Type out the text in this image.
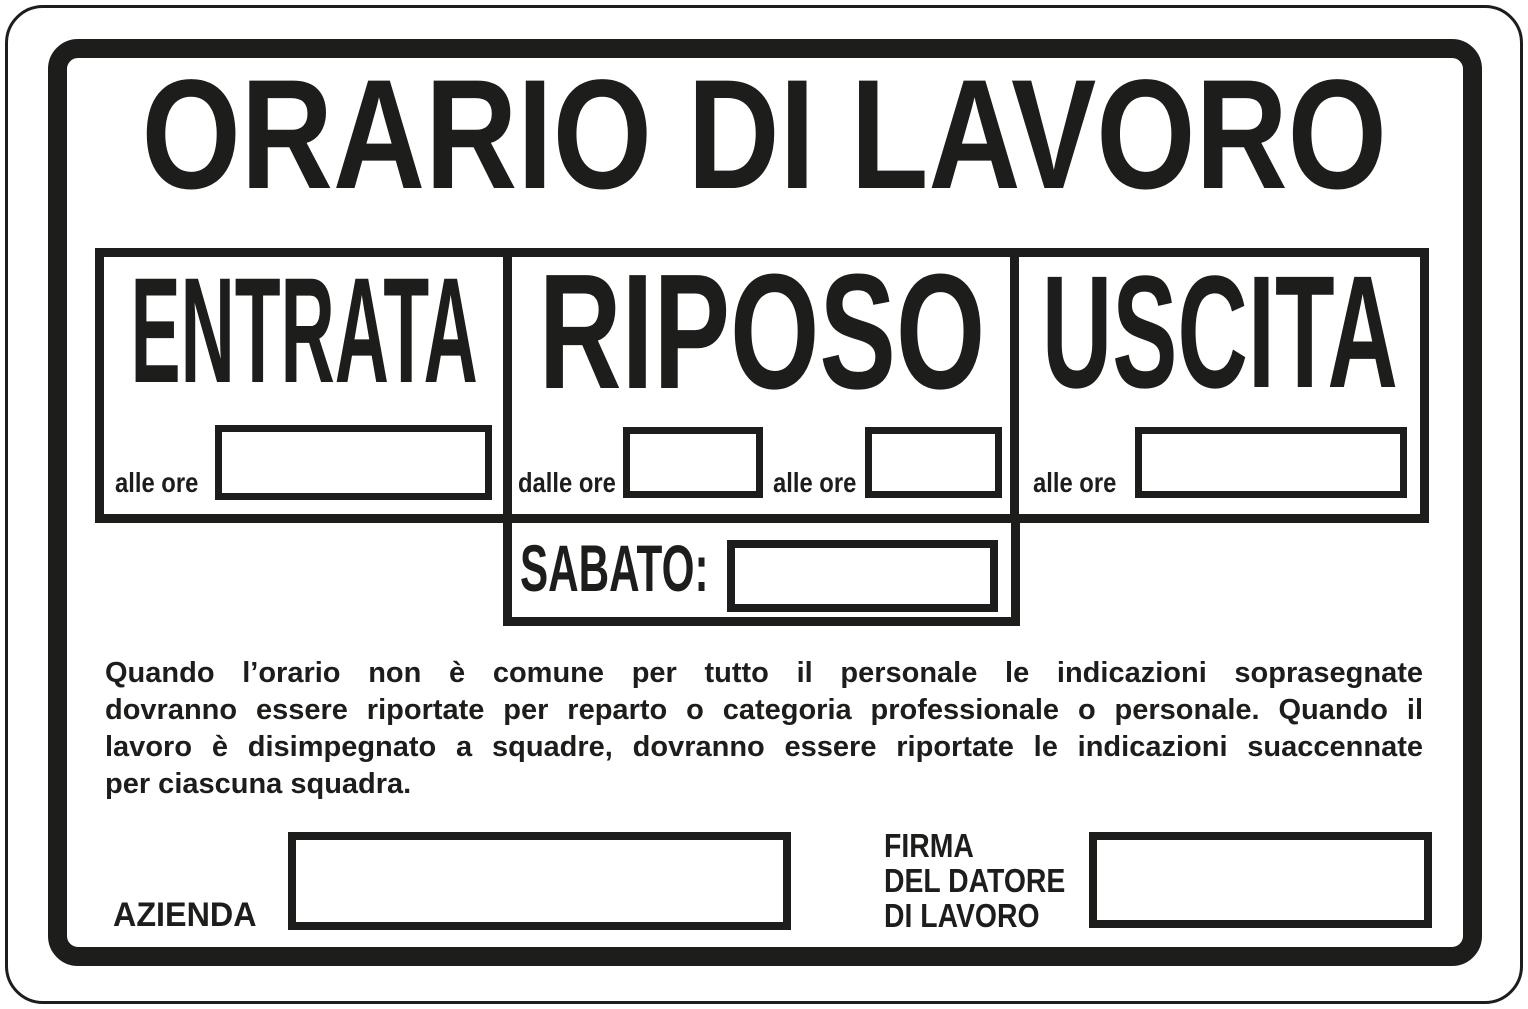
ORARIO DI LAVORO
ENTRATA
alle ore
RIPOSO
dalle ore	alle ore
USCITA
alle ore
SABATO:
Quando l’orario non è comune per tutto il personale le indicazioni soprasegnate
dovranno essere riportate per reparto o categoria professionale o personale. Quando il
lavoro è disimpegnato a squadre, dovranno essere riportate le indicazioni suaccennate
per ciascuna squadra.
AZIENDA
FIRMA
DEL DATORE
DI LAVORO
